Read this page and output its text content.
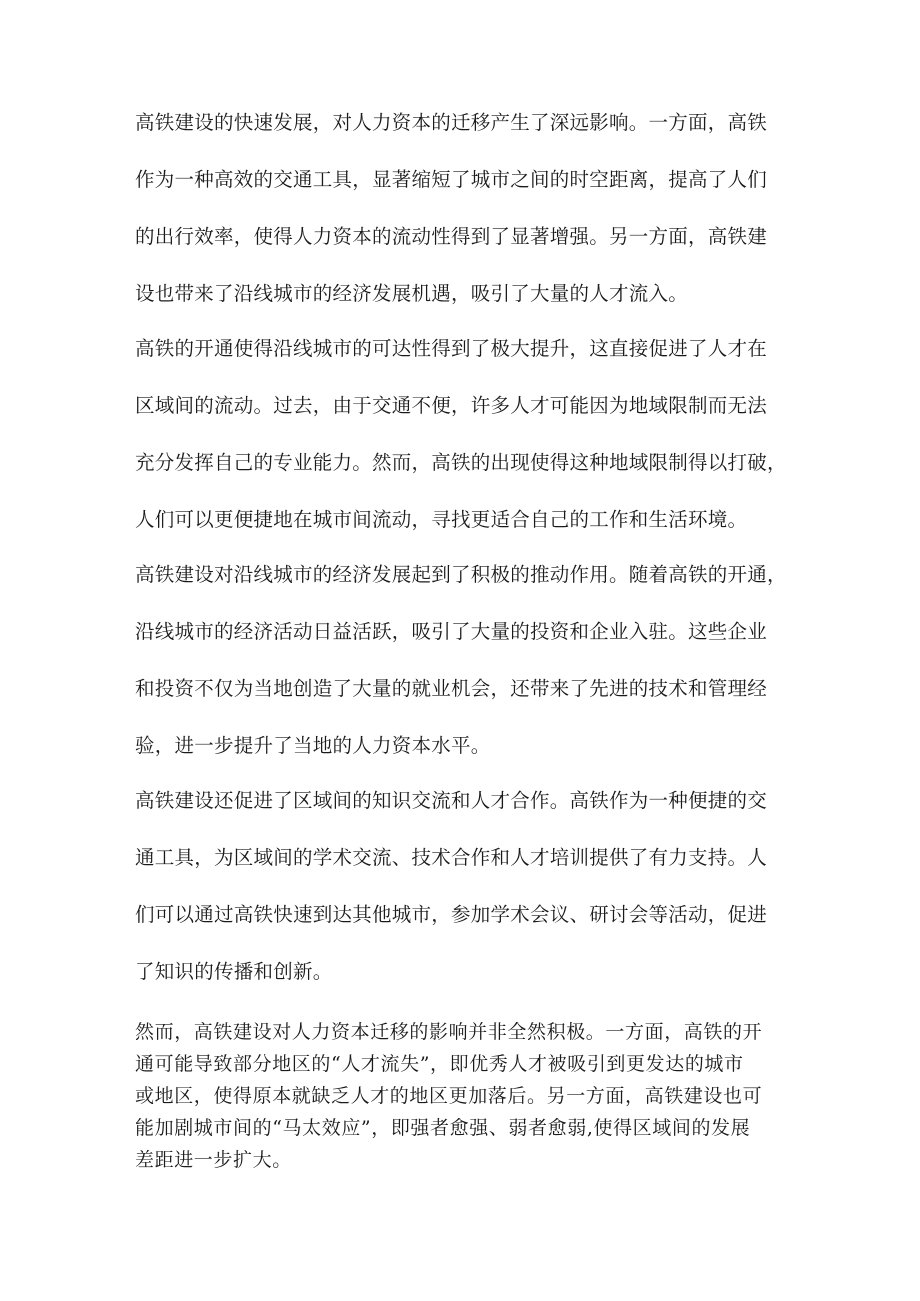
高铁建设的快速发展，对人力资本的迁移产生了深远影响。一方面，高铁
作为一种高效的交通工具，显著缩短了城市之间的时空距离，提高了人们
的出行效率，使得人力资本的流动性得到了显著增强。另一方面，高铁建
设也带来了沿线城市的经济发展机遇，吸引了大量的人才流入。
高铁的开通使得沿线城市的可达性得到了极大提升，这直接促进了人才在
区域间的流动。过去，由于交通不便，许多人才可能因为地域限制而无法
充分发挥自己的专业能力。然而，高铁的出现使得这种地域限制得以打破，
人们可以更便捷地在城市间流动，寻找更适合自己的工作和生活环境。
高铁建设对沿线城市的经济发展起到了积极的推动作用。随着高铁的开通，
沿线城市的经济活动日益活跃，吸引了大量的投资和企业入驻。这些企业
和投资不仅为当地创造了大量的就业机会，还带来了先进的技术和管理经
验，进一步提升了当地的人力资本水平。
高铁建设还促进了区域间的知识交流和人才合作。高铁作为一种便捷的交
通工具，为区域间的学术交流、技术合作和人才培训提供了有力支持。人
们可以通过高铁快速到达其他城市，参加学术会议、研讨会等活动，促进
了知识的传播和创新。
然而，高铁建设对人力资本迁移的影响并非全然积极。一方面，高铁的开
通可能导致部分地区的“人才流失”，即优秀人才被吸引到更发达的城市
或地区，使得原本就缺乏人才的地区更加落后。另一方面，高铁建设也可
能加剧城市间的“马太效应”，即强者愈强、弱者愈弱,使得区域间的发展
差距进一步扩大。
